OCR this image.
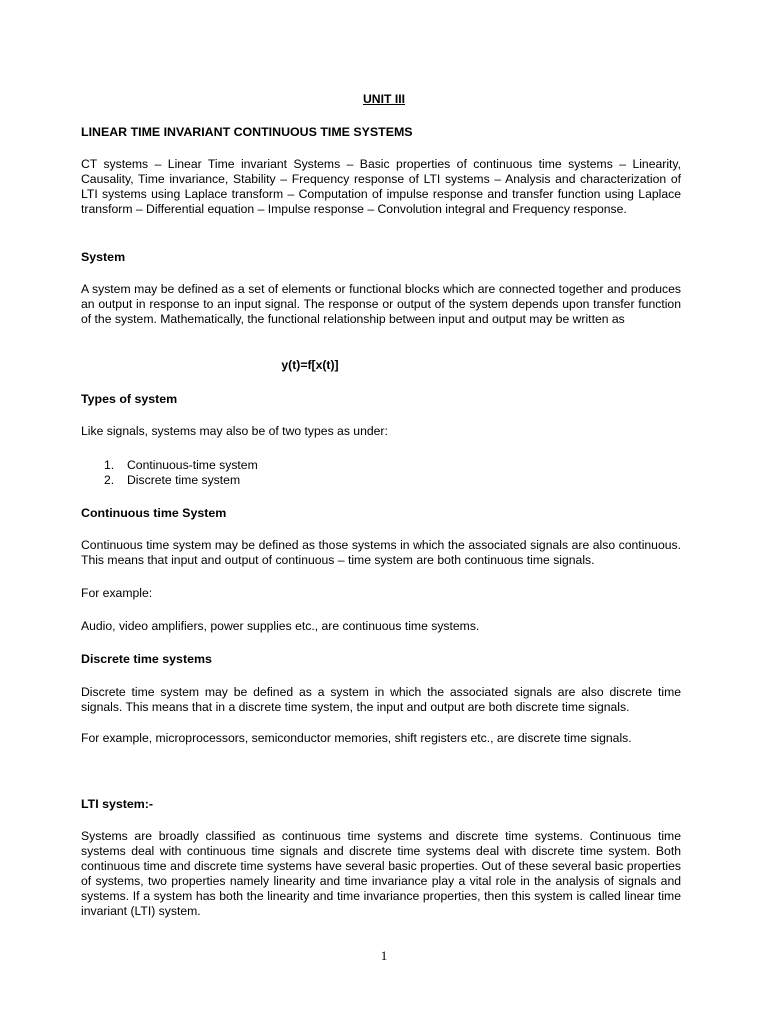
UNIT III
LINEAR TIME INVARIANT CONTINUOUS TIME SYSTEMS

CT systems – Linear Time invariant Systems – Basic properties of continuous time systems – Linearity, Causality, Time invariance, Stability – Frequency response of LTI systems – Analysis and characterization of LTI systems using Laplace transform – Computation of impulse response and transfer function using Laplace transform – Differential equation – Impulse response – Convolution integral and Frequency response.

System

A system may be defined as a set of elements or functional blocks which are connected together and produces an output in response to an input signal. The response or output of the system depends upon transfer function of the system. Mathematically, the functional relationship between input and output may be written as

y(t)=f[x(t)]
Types of system

Like signals, systems may also be of two types as under:

1.	Continuous-time system
2.	Discrete time system
Continuous time System

Continuous time system may be defined as those systems in which the associated signals are also continuous. This means that input and output of continuous – time system are both continuous time signals.

For example:

Audio, video amplifiers, power supplies etc., are continuous time systems.

Discrete time systems

Discrete time system may be defined as a system in which the associated signals are also discrete time signals. This means that in a discrete time system, the input and output are both discrete time signals.

For example, microprocessors, semiconductor memories, shift registers etc., are discrete time signals.

LTI system:-

Systems are broadly classified as continuous time systems and discrete time systems. Continuous time systems deal with continuous time signals and discrete time systems deal with discrete time system. Both continuous time and discrete time systems have several basic properties. Out of these several basic properties of systems, two properties namely linearity and time invariance play a vital role in the analysis of signals and systems. If a system has both the linearity and time invariance properties, then this system is called linear time invariant (LTI) system.

1
